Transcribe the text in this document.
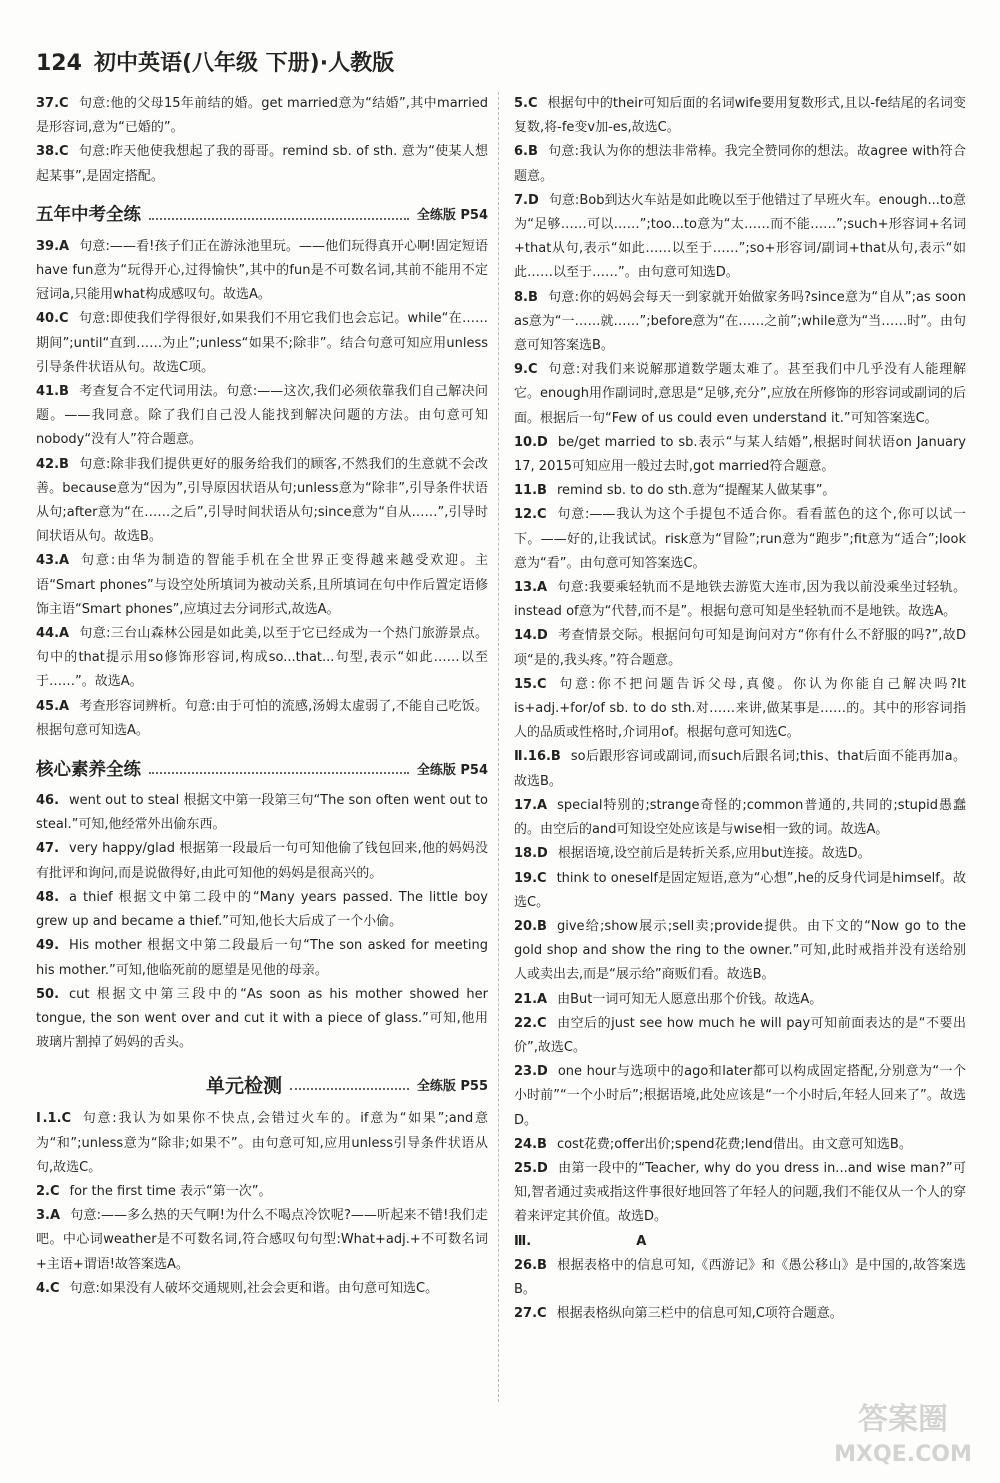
124 初中英语(八年级 下册)·人教版

37.C 句意:他的父母15年前结的婚。get married意为“结婚”,其中married是形容词,意为“已婚的”。

38.C 句意:昨天他使我想起了我的哥哥。remind sb. of sth. 意为“使某人想起某事”,是固定搭配。

五年中考全练	全练版 P54

39.A 句意:——看!孩子们正在游泳池里玩。——他们玩得真开心啊!固定短语have fun意为“玩得开心,过得愉快”,其中的fun是不可数名词,其前不能用不定冠词a,只能用what构成感叹句。故选A。

40.C 句意:即使我们学得很好,如果我们不用它我们也会忘记。while“在……期间”;until“直到……为止”;unless“如果不;除非”。结合句意可知应用unless引导条件状语从句。故选C项。

41.B 考查复合不定代词用法。句意:——这次,我们必须依靠我们自己解决问题。——我同意。除了我们自己没人能找到解决问题的方法。由句意可知nobody“没有人”符合题意。

42.B 句意:除非我们提供更好的服务给我们的顾客,不然我们的生意就不会改善。because意为“因为”,引导原因状语从句;unless意为“除非”,引导条件状语从句;after意为“在……之后”,引导时间状语从句;since意为“自从……”,引导时间状语从句。故选B。

43.A 句意:由华为制造的智能手机在全世界正变得越来越受欢迎。主语“Smart phones”与设空处所填词为被动关系,且所填词在句中作后置定语修饰主语“Smart phones”,应填过去分词形式,故选A。

44.A 句意:三台山森林公园是如此美,以至于它已经成为一个热门旅游景点。句中的that提示用so修饰形容词,构成so...that...句型,表示“如此……以至于……”。故选A。

45.A 考查形容词辨析。句意:由于可怕的流感,汤姆太虚弱了,不能自己吃饭。根据句意可知选A。

核心素养全练	全练版 P54

46. went out to steal 根据文中第一段第三句“The son often went out to steal.”可知,他经常外出偷东西。

47. very happy/glad 根据第一段最后一句可知他偷了钱包回来,他的妈妈没有批评和询问,而是说做得好,由此可知他的妈妈是很高兴的。

48. a thief 根据文中第二段中的“Many years passed. The little boy grew up and became a thief.”可知,他长大后成了一个小偷。

49. His mother 根据文中第二段最后一句“The son asked for meeting his mother.”可知,他临死前的愿望是见他的母亲。

50. cut 根据文中第三段中的“As soon as his mother showed her tongue, the son went over and cut it with a piece of glass.”可知,他用玻璃片割掉了妈妈的舌头。

单元检测	全练版 P55

Ⅰ.1.C 句意:我认为如果你不快点,会错过火车的。if意为“如果”;and意为“和”;unless意为“除非;如果不”。由句意可知,应用unless引导条件状语从句,故选C。

2.C for the first time 表示“第一次”。

3.A 句意:——多么热的天气啊!为什么不喝点冷饮呢?——听起来不错!我们走吧。中心词weather是不可数名词,符合感叹句句型:What+adj.+不可数名词+主语+谓语!故答案选A。

4.C 句意:如果没有人破坏交通规则,社会会更和谐。由句意可知选C。

5.C 根据句中的their可知后面的名词wife要用复数形式,且以-fe结尾的名词变复数,将-fe变v加-es,故选C。

6.B 句意:我认为你的想法非常棒。我完全赞同你的想法。故agree with符合题意。

7.D 句意:Bob到达火车站是如此晚以至于他错过了早班火车。enough...to意为“足够……可以……”;too...to意为“太……而不能……”;such+形容词+名词+that从句,表示“如此……以至于……”;so+形容词/副词+that从句,表示“如此……以至于……”。由句意可知选D。

8.B 句意:你的妈妈会每天一到家就开始做家务吗?since意为“自从”;as soon as意为“一……就……”;before意为“在……之前”;while意为“当……时”。由句意可知答案选B。

9.C 句意:对我们来说解那道数学题太难了。甚至我们中几乎没有人能理解它。enough用作副词时,意思是“足够,充分”,应放在所修饰的形容词或副词的后面。根据后一句“Few of us could even understand it.”可知答案选C。

10.D be/get married to sb.表示“与某人结婚”,根据时间状语on January 17, 2015可知应用一般过去时,got married符合题意。

11.B remind sb. to do sth.意为“提醒某人做某事”。

12.C 句意:——我认为这个手提包不适合你。看看蓝色的这个,你可以试一下。——好的,让我试试。risk意为“冒险”;run意为“跑步”;fit意为“适合”;look意为“看”。由句意可知答案选C。

13.A 句意:我要乘轻轨而不是地铁去游览大连市,因为我以前没乘坐过轻轨。instead of意为“代替,而不是”。根据句意可知是坐轻轨而不是地铁。故选A。

14.D 考查情景交际。根据问句可知是询问对方“你有什么不舒服的吗?”,故D项“是的,我头疼。”符合题意。

15.C 句意:你不把问题告诉父母,真傻。你认为你能自己解决吗?It is+adj.+for/of sb. to do sth.对……来讲,做某事是……的。其中的形容词指人的品质或性格时,介词用of。根据句意可知选C。

Ⅱ.16.B so后跟形容词或副词,而such后跟名词;this、that后面不能再加a。故选B。

17.A special特别的;strange奇怪的;common普通的,共同的;stupid愚蠢的。由空后的and可知设空处应该是与wise相一致的词。故选A。

18.D 根据语境,设空前后是转折关系,应用but连接。故选D。

19.C think to oneself是固定短语,意为“心想”,he的反身代词是himself。故选C。

20.B give给;show展示;sell卖;provide提供。由下文的“Now go to the gold shop and show the ring to the owner.”可知,此时戒指并没有送给别人或卖出去,而是“展示给”商贩们看。故选B。

21.A 由But一词可知无人愿意出那个价钱。故选A。

22.C 由空后的just see how much he will pay可知前面表达的是“不要出价”,故选C。

23.D one hour与选项中的ago和later都可以构成固定搭配,分别意为“一个小时前”“一个小时后”;根据语境,此处应该是“一个小时后,年轻人回来了”。故选D。

24.B cost花费;offer出价;spend花费;lend借出。由文意可知选B。

25.D 由第一段中的“Teacher, why do you dress in...and wise man?”可知,智者通过卖戒指这件事很好地回答了年轻人的问题,我们不能仅从一个人的穿着来评定其价值。故选D。

Ⅲ.	A

26.B 根据表格中的信息可知,《西游记》和《愚公移山》是中国的,故答案选B。

27.C 根据表格纵向第三栏中的信息可知,C项符合题意。

答案圈
MXQE.COM
